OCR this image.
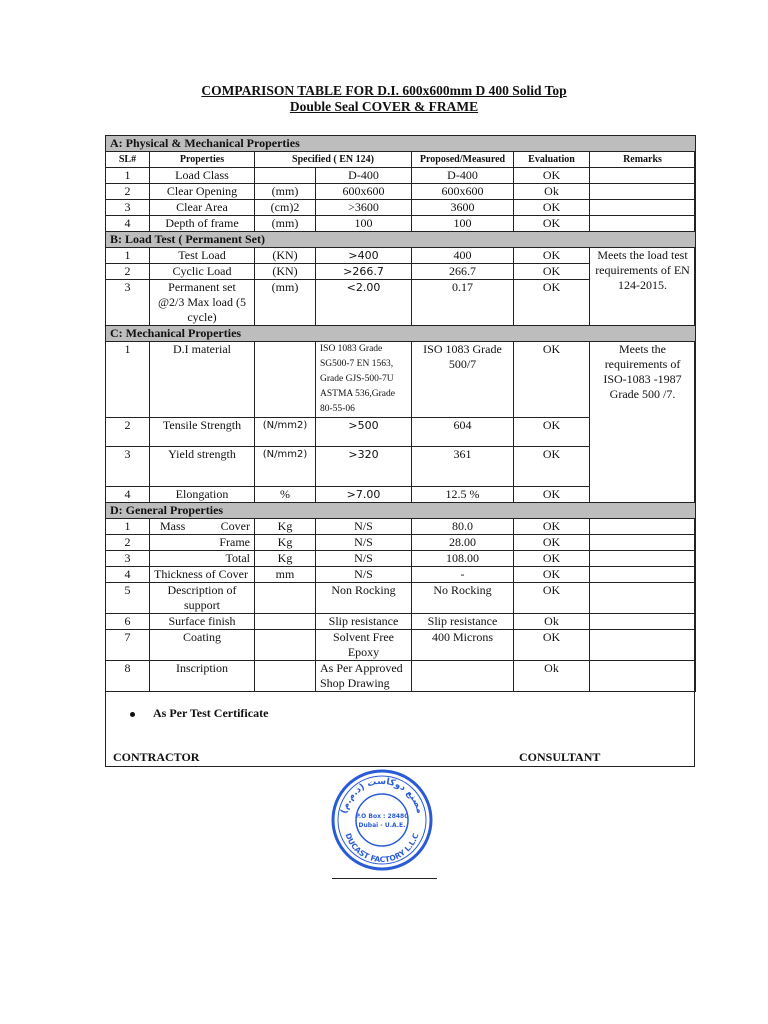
COMPARISON TABLE FOR D.I. 600x600mm D 400 Solid Top
Double Seal COVER & FRAME
A: Physical & Mechanical Properties						
SL#	Properties	Specified ( EN 124)		Proposed/Measured	Evaluation	Remarks
1	Load Class		D-400	D-400	OK	
2	Clear Opening	(mm)	600x600	600x600	Ok	
3	Clear Area	(cm)2	>3600	3600	OK	
4	Depth of frame	(mm)	100	100	OK	
B: Load Test ( Permanent Set)						
1	Test Load	(KN)	>400	400	OK	Meets the load test requirements of EN 124-2015.
2	Cyclic Load	(KN)	>266.7	266.7	OK	
3	Permanent set @2/3 Max load (5 cycle)	(mm)	<2.00	0.17	OK	
C: Mechanical Properties						
1	D.I material		ISO 1083 Grade SG500-7 EN 1563, Grade GJS-500-7U ASTMA 536,Grade 80-55-06	ISO 1083 Grade 500/7	OK	Meets the requirements of ISO-1083 -1987 Grade 500 /7.
2	Tensile Strength	(N/mm2)	>500	604	OK	
3	Yield strength	(N/mm2)	>320	361	OK	
4	Elongation	%	>7.00	12.5 %	OK	
D: General Properties						
1	Mass Cover	Kg	N/S	80.0	OK	
2	Frame	Kg	N/S	28.00	OK	
3	Total	Kg	N/S	108.00	OK	
4	Thickness of Cover	mm	N/S	-	OK	
5	Description of support		Non Rocking	No Rocking	OK	
6	Surface finish		Slip resistance	Slip resistance	Ok	
7	Coating		Solvent Free Epoxy	400 Microns	OK	
8	Inscription		As Per Approved Shop Drawing		Ok	
As Per Test Certificate
CONTRACTOR	CONSULTANT
مصنع دوكاست (ذ.م.م)
DUCAST FACTORY L.L.C
P.O Box : 28480
Dubai - U.A.E.
